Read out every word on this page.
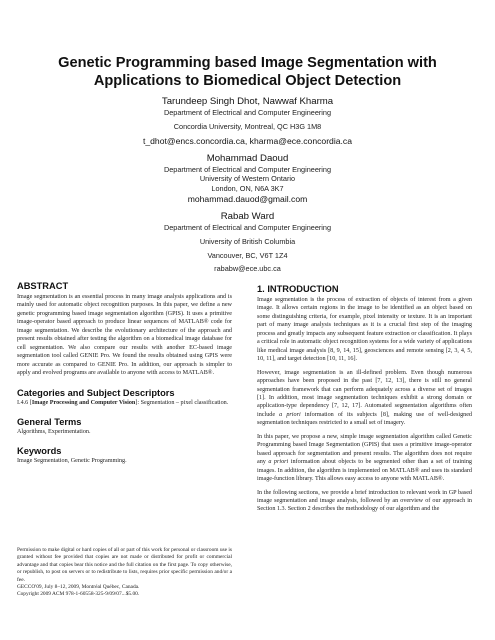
Genetic Programming based Image Segmentation with
Applications to Biomedical Object Detection
Tarundeep Singh Dhot, Nawwaf Kharma
Department of Electrical and Computer Engineering
Concordia University, Montreal, QC H3G 1M8
t_dhot@encs.concordia.ca, kharma@ece.concordia.ca
Mohammad Daoud
Department of Electrical and Computer Engineering
University of Western Ontario
London, ON, N6A 3K7
mohammad.dauod@gmail.com
Rabab Ward
Department of Electrical and Computer Engineering
University of British Columbia
Vancouver, BC, V6T 1Z4
rababw@ece.ubc.ca
ABSTRACT

Image segmentation is an essential process in many image analysis applications and is mainly used for automatic object recognition purposes. In this paper, we define a new genetic programming based image segmentation algorithm (GPIS). It uses a primitive image-operator based approach to produce linear sequences of MATLAB® code for image segmentation. We describe the evolutionary architecture of the approach and present results obtained after testing the algorithm on a biomedical image database for cell segmentation. We also compare our results with another EC-based image segmentation tool called GENIE Pro. We found the results obtained using GPIS were more accurate as compared to GENIE Pro. In addition, our approach is simpler to apply and evolved programs are available to anyone with access to MATLAB®.

Categories and Subject Descriptors

I.4.6 [Image Processing and Computer Vision]: Segmentation – pixel classification.

General Terms

Algorithms, Experimentation.

Keywords

Image Segmentation, Genetic Programming.

Permission to make digital or hard copies of all or part of this work for personal or classroom use is granted without fee provided that copies are not made or distributed for profit or commercial advantage and that copies bear this notice and the full citation on the first page. To copy otherwise, or republish, to post on servers or to redistribute to lists, requires prior specific permission and/or a fee.

GECCO'09, July 8–12, 2009, Montréal Québec, Canada.

Copyright 2009 ACM 978-1-60558-325-9/09/07...$5.00.

1. INTRODUCTION

Image segmentation is the process of extraction of objects of interest from a given image. It allows certain regions in the image to be identified as an object based on some distinguishing criteria, for example, pixel intensity or texture. It is an important part of many image analysis techniques as it is a crucial first step of the imaging process and greatly impacts any subsequent feature extraction or classification. It plays a critical role in automatic object recognition systems for a wide variety of applications like medical image analysis [8, 9, 14, 15], geosciences and remote sensing [2, 3, 4, 5, 10, 11], and target detection [10, 11, 16].

However, image segmentation is an ill-defined problem. Even though numerous approaches have been proposed in the past [7, 12, 13], there is still no general segmentation framework that can perform adequately across a diverse set of images [1]. In addition, most image segmentation techniques exhibit a strong domain or application-type dependency [7, 12, 17]. Automated segmentation algorithms often include a priori information of its subjects [8], making use of well-designed segmentation techniques restricted to a small set of imagery.

In this paper, we propose a new, simple image segmentation algorithm called Genetic Programming based Image Segmentation (GPIS) that uses a primitive image-operator based approach for segmentation and present results. The algorithm does not require any a priori information about objects to be segmented other than a set of training images. In addition, the algorithm is implemented on MATLAB® and uses its standard image-function library. This allows easy access to anyone with MATLAB®.

In the following sections, we provide a brief introduction to relevant work in GP based image segmentation and image analysis, followed by an overview of our approach in Section 1.3. Section 2 describes the methodology of our algorithm and the
